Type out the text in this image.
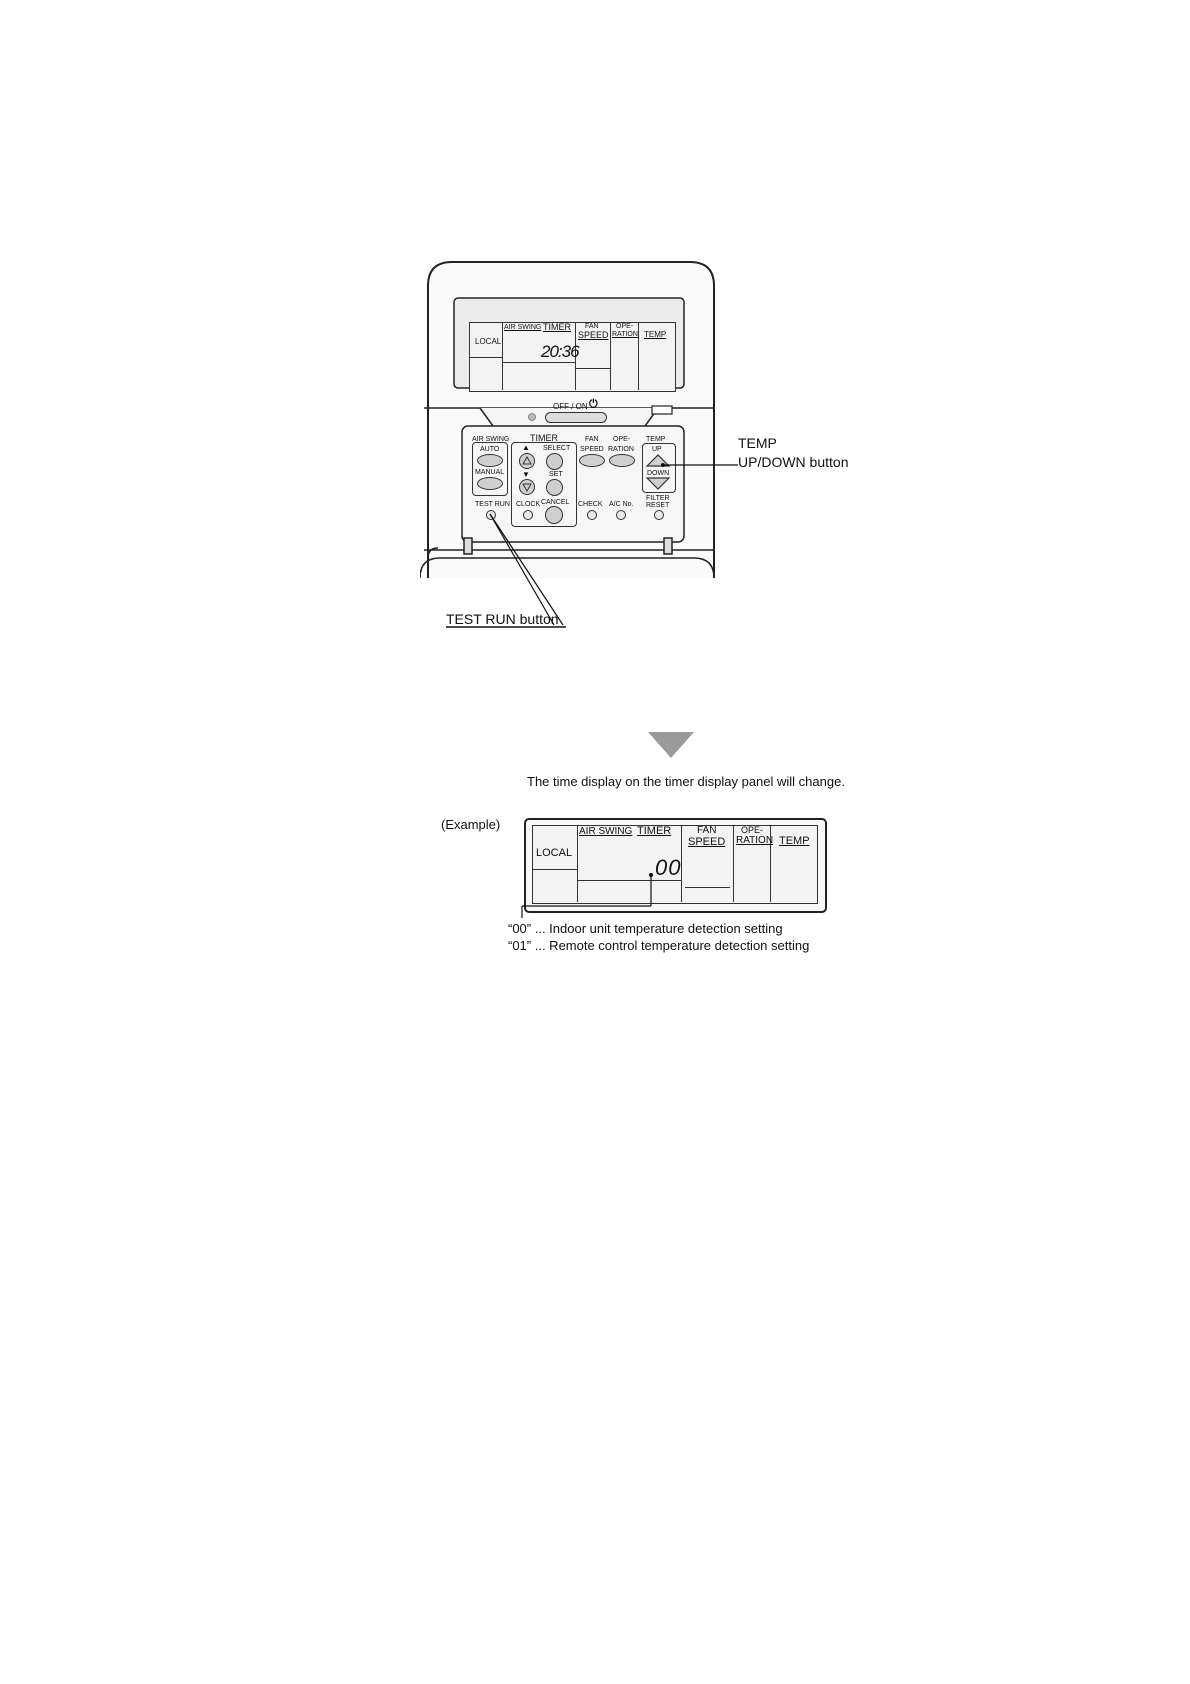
LOCAL
AIR SWING TIMER FAN
SPEED
OPE-
RATION TEMP
20:36
OFF / ON ⏻
AIR SWING
AUTO
MANUAL
TEST RUN
TIMER
▲
▼
SELECT
SET
CLOCK CANCEL
FAN
SPEED
OPE-
RATION
CHECK A/C No.
TEMP
UP
DOWN
FILTER
RESET
TEMP
UP/DOWN button
TEST RUN button
The time display on the timer display panel will change.
(Example)
LOCAL
AIR SWING TIMER	FAN
SPEED
OPE-
RATION TEMP
00
“00” ... Indoor unit temperature detection setting
“01” ... Remote control temperature detection setting
